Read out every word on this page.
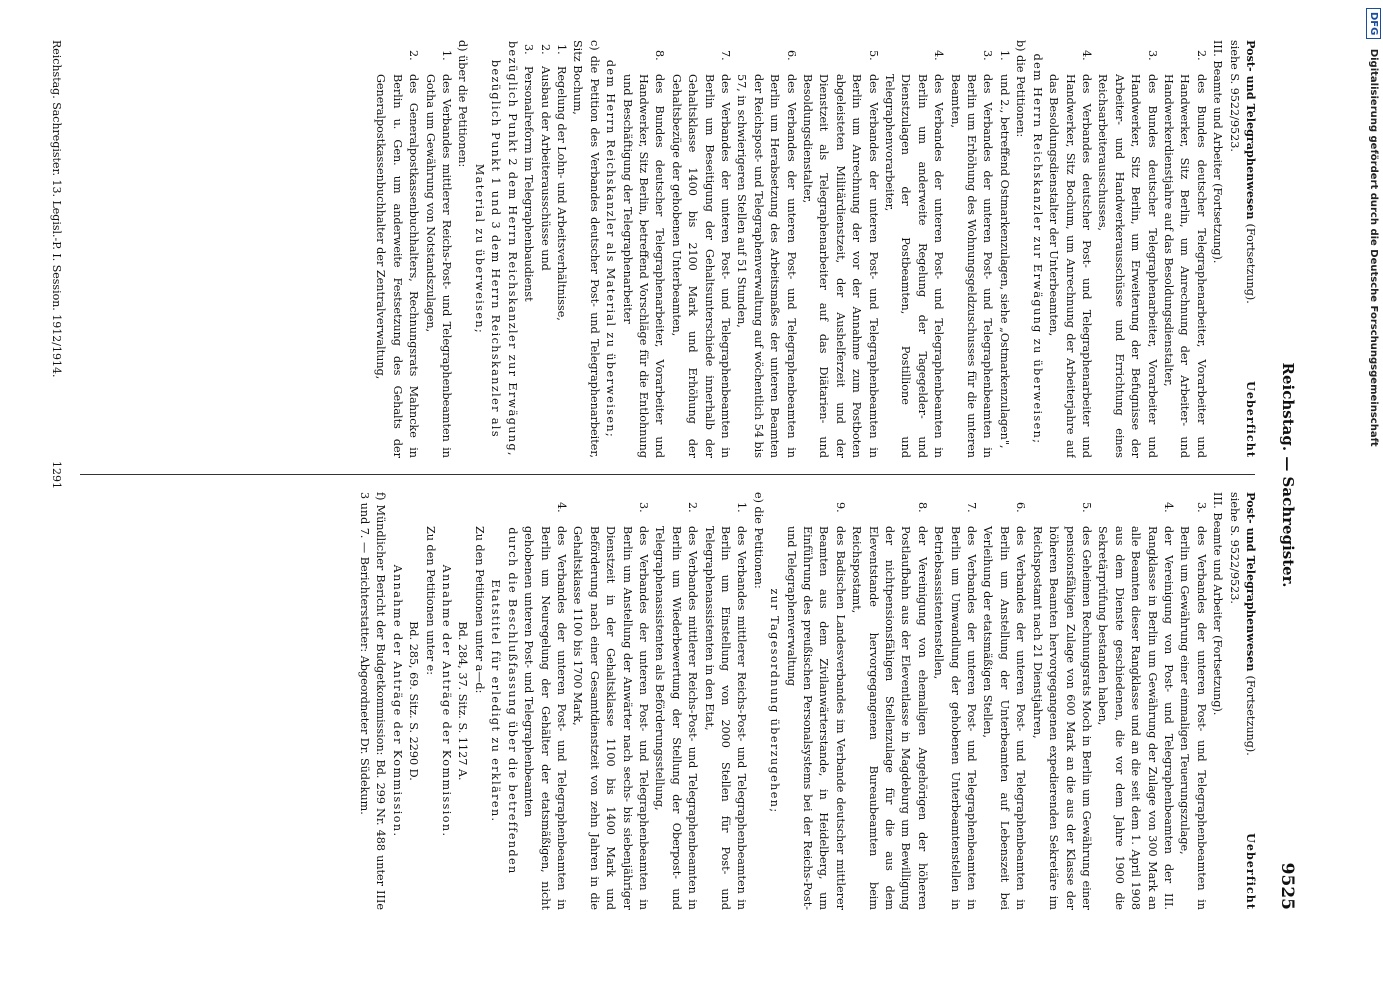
Reichstag. — Sachregister.
9525

Ueberficht
Post- und Telegraphenwesen (Fortsetzung).

siehe S. 9522/9523.

III. Beamte und Arbeiter (Fortsetzung).

2.
des Bundes deutscher Telegraphenarbeiter, Vorarbeiter und Handwerker, Sitz Berlin, um Anrechnung der Arbeiter- und Handwerkerdienstjahre auf das Besoldungsdienstalter,
3.
des Bundes deutscher Telegraphenarbeiter, Vorarbeiter und Handwerker, Sitz Berlin, um Erweiterung der Befugnisse der Arbeiter- und Handwerkerausschüsse und Errichtung eines Reichsarbeiterausschusses,
4.
des Verbandes deutscher Post- und Telegraphenarbeiter und Handwerker, Sitz Bochum, um Anrechnung der Arbeiterjahre auf das Besoldungsdienstalter der Unterbeamten,

dem Herrn Reichskanzler zur Erwägung zu überweisen;

b) die Petitionen:

1.
und 2., betreffend Ostmarkenzulagen, siehe „Ostmarkenzulagen",
3.
des Verbandes der unteren Post- und Telegraphenbeamten in Berlin um Erhöhung des Wohnungsgeldzuschusses für die unteren Beamten,
4.
des Verbandes der unteren Post- und Telegraphenbeamten in Berlin um anderweite Regelung der Tagegelder- und Dienstzulagen der Postbeamten, Postillione und Telegraphenvorarbeiter,
5.
des Verbandes der unteren Post- und Telegraphenbeamten in Berlin um Anrechnung der vor der Annahme zum Postboten abgeleisteten Militärdienstzeit, der Aushelferzeit und der Dienstzeit als Telegraphenarbeiter auf das Diätarien- und Besoldungsdienstalter,
6.
des Verbandes der unteren Post- und Telegraphenbeamten in Berlin um Herabsetzung des Arbeitsmaßes der unteren Beamten der Reichspost- und Telegraphenverwaltung auf wöchentlich 54 bis 57, in schwierigeren Stellen auf 51 Stunden,
7.
des Verbandes der unteren Post- und Telegraphenbeamten in Berlin um Beseitigung der Gehaltsunterschiede innerhalb der Gehaltsklasse 1400 bis 2100 Mark und Erhöhung der Gehaltsbezüge der gehobenen Unterbeamten,
8.
des Bundes deutscher Telegraphenarbeiter, Vorarbeiter und Handwerker, Sitz Berlin, betreffend Vorschläge für die Entlohnung und Beschäftigung der Telegraphenarbeiter

dem Herrn Reichskanzler als Material zu überweisen;

c) die Petition des Verbandes deutscher Post- und Telegraphenarbeiter, Sitz Bochum,

1.
Regelung der Lohn- und Arbeitsverhältnisse,
2.
Ausbau der Arbeiterausschüsse und
3.
Personalreform im Telegraphenbaudienst

bezüglich Punkt 2 dem Herrn Reichskanzler zur Erwägung,

bezüglich Punkt 1 und 3 dem Herrn Reichskanzler als Material zu überweisen;

d) über die Petitionen:

1.
des Verbandes mittlerer Reichs-Post- und Telegraphenbeamten in Gotha um Gewährung von Notstandszulagen,
2.
des Generalpostkassenbuchhalters, Rechnungsrats Mahncke in Berlin u. Gen. um anderweite Festsetzung des Gehalts der Generalpostkassenbuchhalter der Zentralverwaltung,

Ueberficht
Post- und Telegraphenwesen (Fortsetzung).

siehe S. 9522/9523.

III. Beamte und Arbeiter (Fortsetzung).

3.
des Verbandes der unteren Post- und Telegraphenbeamten in Berlin um Gewährung einer einmaligen Teuerungszulage,
4.
der Vereinigung von Post- und Telegraphenbeamten der III. Rangklasse in Berlin um Gewährung der Zulage von 300 Mark an alle Beamten dieser Rangklasse und an die seit dem 1. April 1908 aus dem Dienste geschiedenen, die vor dem Jahre 1900 die Sekretärprüfung bestanden haben,
5.
des Geheimen Rechnungsrats Moch in Berlin um Gewährung einer pensionsfähigen Zulage von 600 Mark an die aus der Klasse der höheren Beamten hervorgegangenen expedierenden Sekretäre im Reichspostamt nach 21 Dienstjahren,
6.
des Verbandes der unteren Post- und Telegraphenbeamten in Berlin um Anstellung der Unterbeamten auf Lebenszeit bei Verleihung der etatsmäßigen Stellen,
7.
des Verbandes der unteren Post- und Telegraphenbeamten in Berlin um Umwandlung der gehobenen Unterbeamtenstellen in Betriebsassistentenstellen,
8.
der Vereinigung von ehemaligen Angehörigen der höheren Postlaufbahn aus der Eleventlasse in Magdeburg um Bewilligung der nichtpensionsfähigen Stellenzulage für die aus dem Eleventstande hervorgegangenen Bureaubeamten beim Reichspostamt,
9.
des Badischen Landesverbandes im Verbande deutscher mittlerer Beamten aus dem Zivilanwärterstande, in Heidelberg, um Einführung des preußischen Personalsystems bei der Reichs-Post- und Telegraphenverwaltung

zur Tagesordnung überzugehen;

e) die Petitionen:

1.
des Verbandes mittlerer Reichs-Post- und Telegraphenbeamten in Berlin um Einstellung von 2000 Stellen für Post- und Telegraphenassistenten in den Etat,
2.
des Verbandes mittlerer Reichs-Post- und Telegraphenbeamten in Berlin um Wiederbewertung der Stellung der Oberpost- und Telegraphenassistenten als Beförderungsstellung,
3.
des Verbandes der unteren Post- und Telegraphenbeamten in Berlin um Anstellung der Anwärter nach sechs- bis siebenjähriger Dienstzeit in der Gehaltsklasse 1100 bis 1400 Mark und Beförderung nach einer Gesamtdienstzeit von zehn Jahren in die Gehaltsklasse 1100 bis 1700 Mark,
4.
des Verbandes der unteren Post- und Telegraphenbeamten in Berlin um Neuregelung der Gehälter der etatsmäßigen, nicht gehobenen unteren Post- und Telegraphenbeamten

durch die Beschlußfassung über die betreffenden Etatstitel für erledigt zu erklären.

Zu den Petitionen unter a—d:

Bd. 284, 37. Sitz. S. 1127 A.

Annahme der Anträge der Kommission.

Zu den Petitionen unter e:

Bd. 285, 69. Sitz. S. 2290 D.

Annahme der Anträge der Kommission.

f) Mündlicher Bericht der Budgetkommission: Bd. 299 Nr. 488 unter IIIe 3 und 7. — Berichterstatter: Abgeordneter Dr. Südekum.

Reichstag. Sachregister. 13. Legisl.-P. I. Session. 1912/1914.
1291
DFG Digitalisierung gefördert durch die Deutsche Forschungsgemeinschaft
